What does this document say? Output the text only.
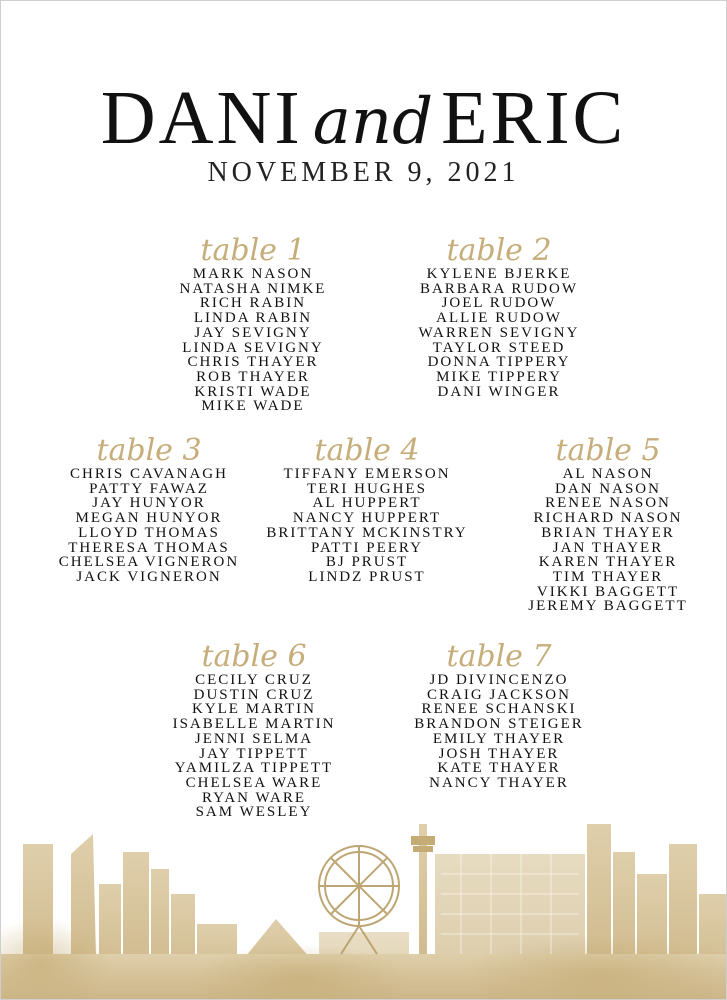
DANI and ERIC
NOVEMBER 9, 2021
table 1
MARK NASON
NATASHA NIMKE
RICH RABIN
LINDA RABIN
JAY SEVIGNY
LINDA SEVIGNY
CHRIS THAYER
ROB THAYER
KRISTI WADE
MIKE WADE
table 2
KYLENE BJERKE
BARBARA RUDOW
JOEL RUDOW
ALLIE RUDOW
WARREN SEVIGNY
TAYLOR STEED
DONNA TIPPERY
MIKE TIPPERY
DANI WINGER
table 3
CHRIS CAVANAGH
PATTY FAWAZ
JAY HUNYOR
MEGAN HUNYOR
LLOYD THOMAS
THERESA THOMAS
CHELSEA VIGNERON
JACK VIGNERON
table 4
TIFFANY EMERSON
TERI HUGHES
AL HUPPERT
NANCY HUPPERT
BRITTANY MCKINSTRY
PATTI PEERY
BJ PRUST
LINDZ PRUST
table 5
AL NASON
DAN NASON
RENEE NASON
RICHARD NASON
BRIAN THAYER
JAN THAYER
KAREN THAYER
TIM THAYER
VIKKI BAGGETT
JEREMY BAGGETT
table 6
CECILY CRUZ
DUSTIN CRUZ
KYLE MARTIN
ISABELLE MARTIN
JENNI SELMA
JAY TIPPETT
YAMILZA TIPPETT
CHELSEA WARE
RYAN WARE
SAM WESLEY
table 7
JD DIVINCENZO
CRAIG JACKSON
RENEE SCHANSKI
BRANDON STEIGER
EMILY THAYER
JOSH THAYER
KATE THAYER
NANCY THAYER
